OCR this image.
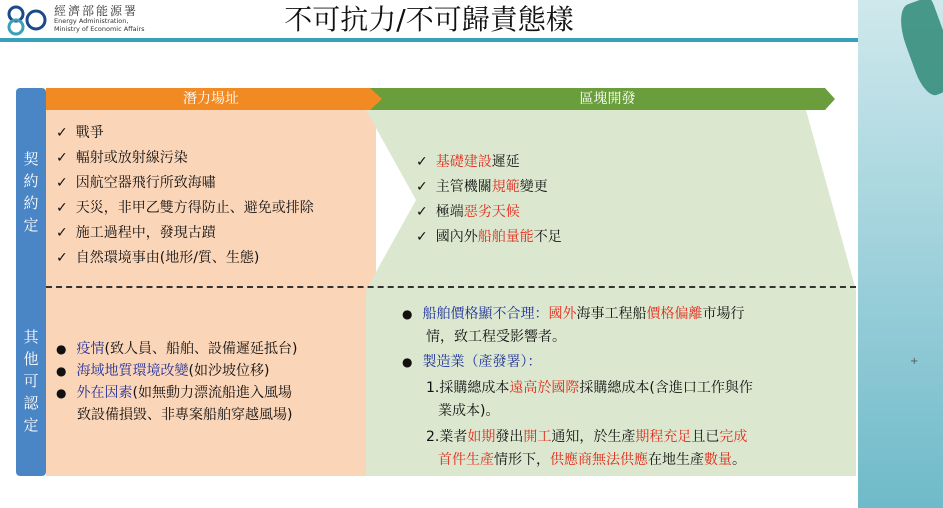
經濟部能源署
Energy Administration,
Ministry of Economic Affairs	不可抗力/不可歸責態樣
契
約
約
定
其
他
可
認
定
潛力場址	區塊開發
✓ 戰爭
✓ 輻射或放射線污染
✓ 因航空器飛行所致海嘯
✓ 天災，非甲乙雙方得防止、避免或排除
✓ 施工過程中，發現古蹟
✓ 自然環境事由(地形/質、生態)
✓ 基礎建設遲延
✓ 主管機關規範變更
✓ 極端惡劣天候
✓ 國內外船舶量能不足
● 疫情(致人員、船舶、設備遲延抵台)
● 海域地質環境改變(如沙坡位移)
● 外在因素(如無動力漂流船進入風場
致設備損毀、非專案船舶穿越風場)
● 船舶價格顯不合理：國外海事工程船價格偏離市場行
情，致工程受影響者。
● 製造業（產發署）：
1.採購總成本遠高於國際採購總成本(含進口工作與作
業成本)。
2.業者如期發出開工通知，於生產期程充足且已完成
首件生產情形下，供應商無法供應在地生產數量。
+
